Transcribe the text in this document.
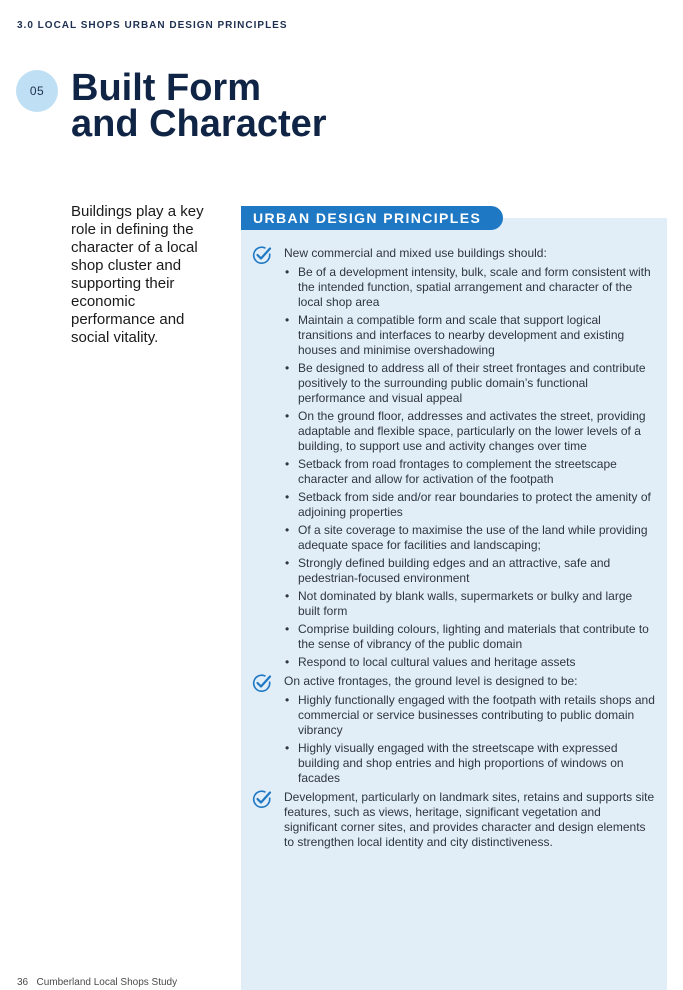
3.0 LOCAL SHOPS URBAN DESIGN PRINCIPLES
05 Built Form
and Character

Buildings play a key role in defining the character of a local shop cluster and supporting their economic performance and social vitality.

URBAN DESIGN PRINCIPLES

New commercial and mixed use buildings should:

• Be of a development intensity, bulk, scale and form consistent with the intended function, spatial arrangement and character of the local shop area
• Maintain a compatible form and scale that support logical transitions and interfaces to nearby development and existing houses and minimise overshadowing
• Be designed to address all of their street frontages and contribute positively to the surrounding public domain’s functional performance and visual appeal
• On the ground floor, addresses and activates the street, providing adaptable and flexible space, particularly on the lower levels of a building, to support use and activity changes over time
• Setback from road frontages to complement the streetscape character and allow for activation of the footpath
• Setback from side and/or rear boundaries to protect the amenity of adjoining properties
• Of a site coverage to maximise the use of the land while providing adequate space for facilities and landscaping;
• Strongly defined building edges and an attractive, safe and pedestrian-focused environment
• Not dominated by blank walls, supermarkets or bulky and large built form
• Comprise building colours, lighting and materials that contribute to the sense of vibrancy of the public domain
• Respond to local cultural values and heritage assets

On active frontages, the ground level is designed to be:

• Highly functionally engaged with the footpath with retails shops and commercial or service businesses contributing to public domain vibrancy
• Highly visually engaged with the streetscape with expressed building and shop entries and high proportions of windows on facades

Development, particularly on landmark sites, retains and supports site features, such as views, heritage, significant vegetation and significant corner sites, and provides character and design elements to strengthen local identity and city distinctiveness.

36 Cumberland Local Shops Study
